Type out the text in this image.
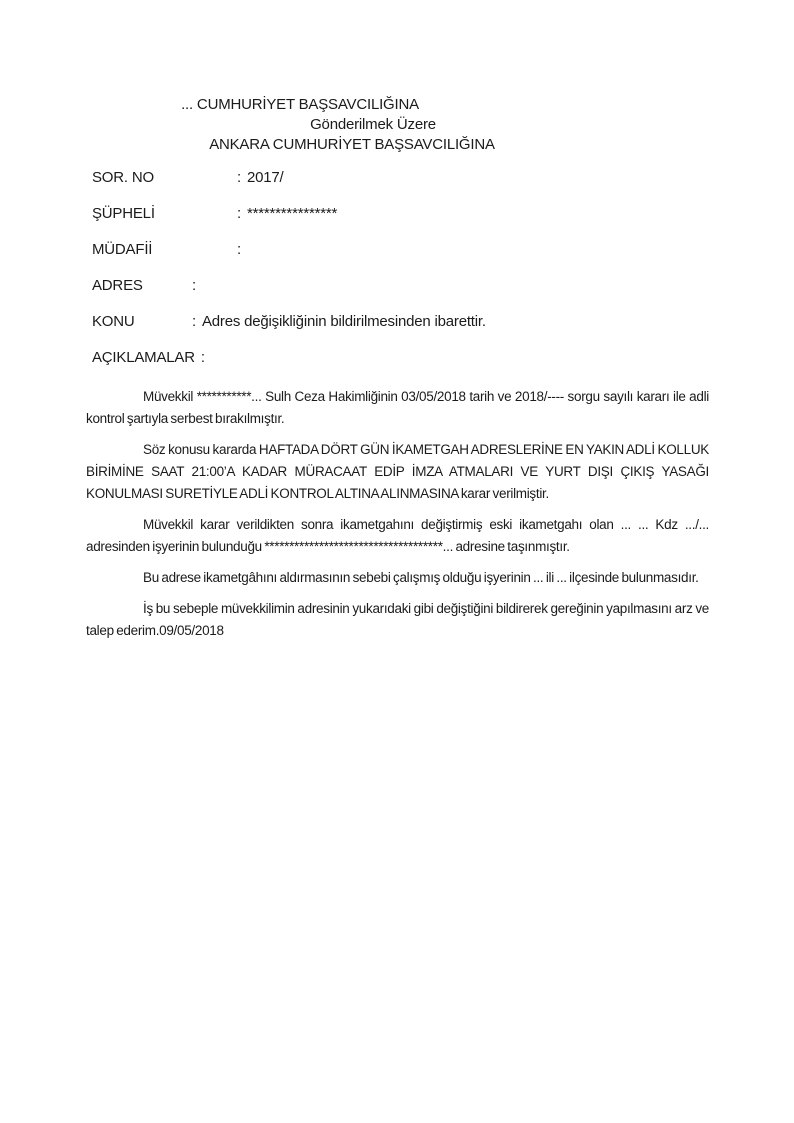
... CUMHURİYET BAŞSAVCILIĞINA
Gönderilmek Üzere
ANKARA CUMHURİYET BAŞSAVCILIĞINA
SOR. NO	: 2017/
ŞÜPHELİ	: ****************
MÜDAFİİ	:
ADRES	:
KONU	: Adres değişikliğinin bildirilmesinden ibarettir.
AÇIKLAMALAR :

Müvekkil ***********... Sulh Ceza Hakimliğinin 03/05/2018 tarih ve 2018/---- sorgu sayılı kararı ile adli kontrol şartıyla serbest bırakılmıştır.

Söz konusu kararda HAFTADA DÖRT GÜN İKAMETGAH ADRESLERİNE EN YAKIN ADLİ KOLLUK BİRİMİNE SAAT 21:00’A KADAR MÜRACAAT EDİP İMZA ATMALARI VE YURT DIŞI ÇIKIŞ YASAĞI KONULMASI SURETİYLE ADLİ KONTROL ALTINA ALINMASINA karar verilmiştir.

Müvekkil karar verildikten sonra ikametgahını değiştirmiş eski ikametgahı olan ... ... Kdz .../... adresinden işyerinin bulunduğu ************************************... adresine taşınmıştır.

Bu adrese ikametgâhını aldırmasının sebebi çalışmış olduğu işyerinin ... ili ... ilçesinde bulunmasıdır.

İş bu sebeple müvekkilimin adresinin yukarıdaki gibi değiştiğini bildirerek gereğinin yapılmasını arz ve talep ederim.09/05/2018
